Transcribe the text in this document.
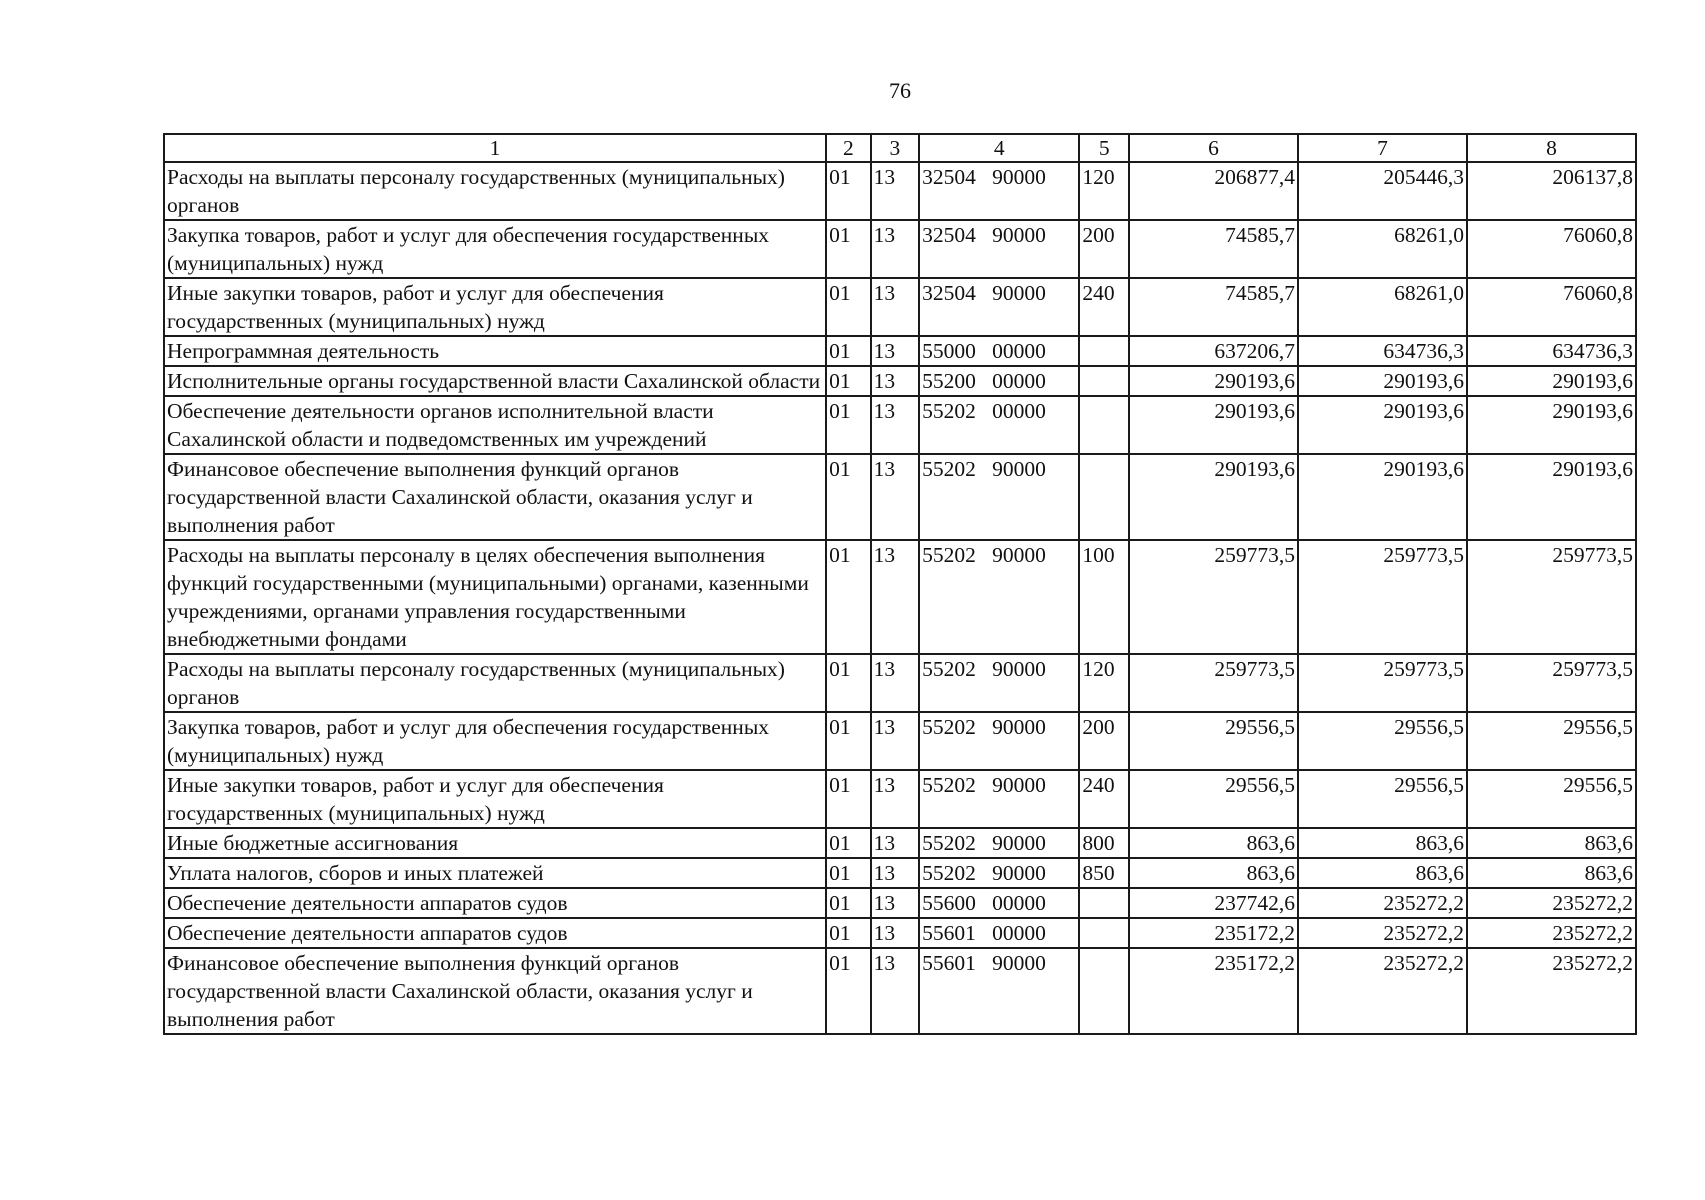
76
1	2	3	4	5	6	7	8
Расходы на выплаты персоналу государственных (муниципальных) органов	01	13	32504 90000	120	206877,4	205446,3	206137,8
Закупка товаров, работ и услуг для обеспечения государственных (муниципальных) нужд	01	13	32504 90000	200	74585,7	68261,0	76060,8
Иные закупки товаров, работ и услуг для обеспечения государственных (муниципальных) нужд	01	13	32504 90000	240	74585,7	68261,0	76060,8
Непрограммная деятельность	01	13	55000 00000		637206,7	634736,3	634736,3
Исполнительные органы государственной власти Сахалинской области	01	13	55200 00000		290193,6	290193,6	290193,6
Обеспечение деятельности органов исполнительной власти Сахалинской области и подведомственных им учреждений	01	13	55202 00000		290193,6	290193,6	290193,6
Финансовое обеспечение выполнения функций органов государственной власти Сахалинской области, оказания услуг и выполнения работ	01	13	55202 90000		290193,6	290193,6	290193,6
Расходы на выплаты персоналу в целях обеспечения выполнения функций государственными (муниципальными) органами, казенными учреждениями, органами управления государственными внебюджетными фондами	01	13	55202 90000	100	259773,5	259773,5	259773,5
Расходы на выплаты персоналу государственных (муниципальных) органов	01	13	55202 90000	120	259773,5	259773,5	259773,5
Закупка товаров, работ и услуг для обеспечения государственных (муниципальных) нужд	01	13	55202 90000	200	29556,5	29556,5	29556,5
Иные закупки товаров, работ и услуг для обеспечения государственных (муниципальных) нужд	01	13	55202 90000	240	29556,5	29556,5	29556,5
Иные бюджетные ассигнования	01	13	55202 90000	800	863,6	863,6	863,6
Уплата налогов, сборов и иных платежей	01	13	55202 90000	850	863,6	863,6	863,6
Обеспечение деятельности аппаратов судов	01	13	55600 00000		237742,6	235272,2	235272,2
Обеспечение деятельности аппаратов судов	01	13	55601 00000		235172,2	235272,2	235272,2
Финансовое обеспечение выполнения функций органов государственной власти Сахалинской области, оказания услуг и выполнения работ	01	13	55601 90000		235172,2	235272,2	235272,2
